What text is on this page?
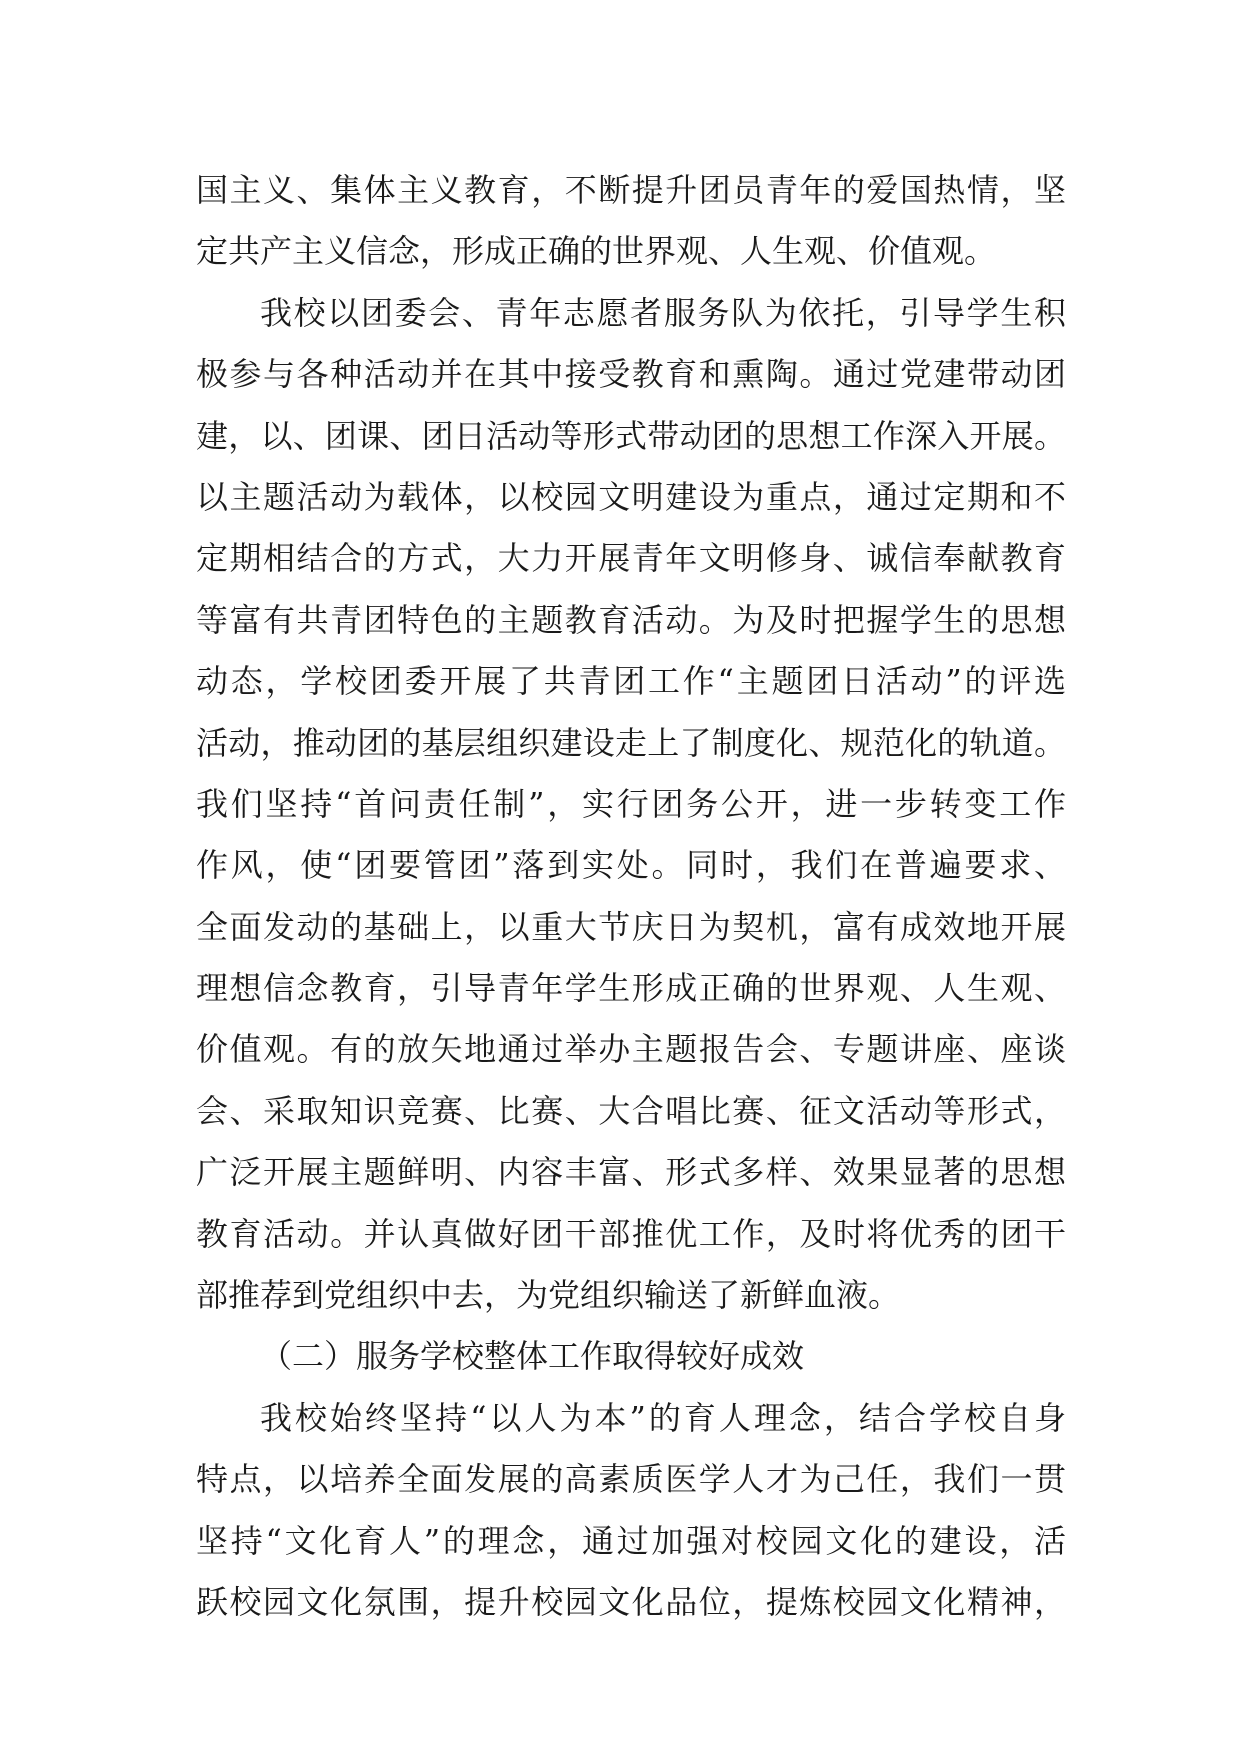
国主义、集体主义教育，不断提升团员青年的爱国热情，坚
定共产主义信念，形成正确的世界观、人生观、价值观。
我校以团委会、青年志愿者服务队为依托，引导学生积
极参与各种活动并在其中接受教育和熏陶。通过党建带动团
建，以、团课、团日活动等形式带动团的思想工作深入开展。
以主题活动为载体，以校园文明建设为重点，通过定期和不
定期相结合的方式，大力开展青年文明修身、诚信奉献教育
等富有共青团特色的主题教育活动。为及时把握学生的思想
动态，学校团委开展了共青团工作“主题团日活动”的评选
活动，推动团的基层组织建设走上了制度化、规范化的轨道。
我们坚持“首问责任制”，实行团务公开，进一步转变工作
作风，使“团要管团”落到实处。同时，我们在普遍要求、
全面发动的基础上，以重大节庆日为契机，富有成效地开展
理想信念教育，引导青年学生形成正确的世界观、人生观、
价值观。有的放矢地通过举办主题报告会、专题讲座、座谈
会、采取知识竞赛、比赛、大合唱比赛、征文活动等形式，
广泛开展主题鲜明、内容丰富、形式多样、效果显著的思想
教育活动。并认真做好团干部推优工作，及时将优秀的团干
部推荐到党组织中去，为党组织输送了新鲜血液。
（二）服务学校整体工作取得较好成效
我校始终坚持“以人为本”的育人理念，结合学校自身
特点，以培养全面发展的高素质医学人才为己任，我们一贯
坚持“文化育人”的理念，通过加强对校园文化的建设，活
跃校园文化氛围，提升校园文化品位，提炼校园文化精神，
